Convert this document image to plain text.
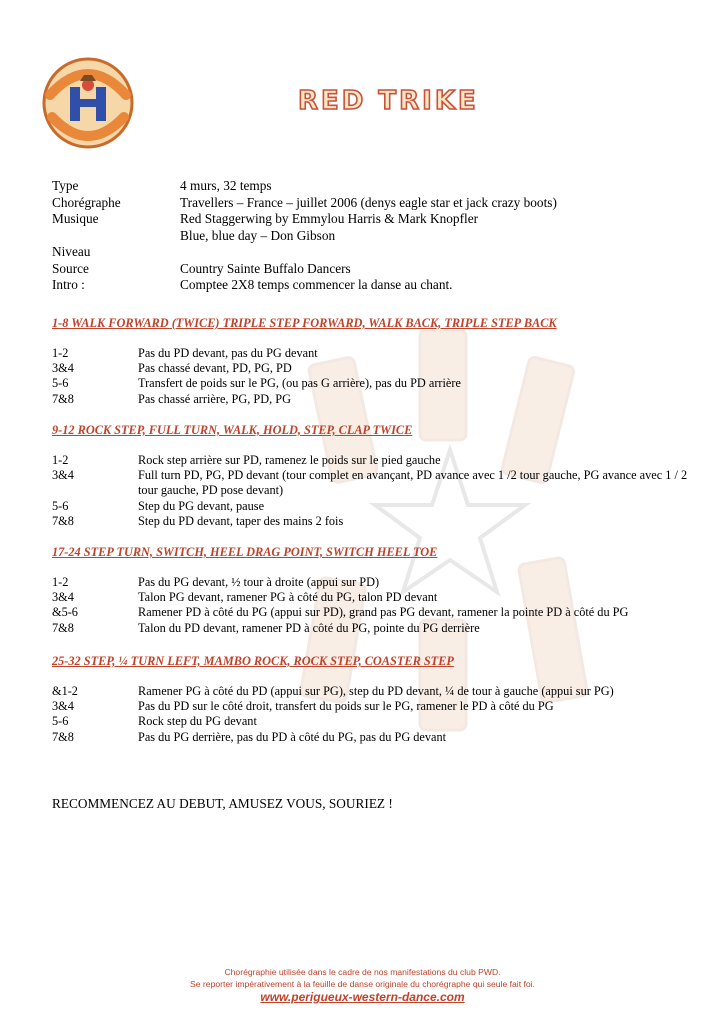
RED TRIKE
Type	4 murs, 32 temps
Chorégraphe	Travellers – France – juillet 2006 (denys eagle star et jack crazy boots)
Musique	Red Staggerwing by Emmylou Harris & Mark Knopfler
Blue, blue day – Don Gibson
Niveau
Source	Country Sainte Buffalo Dancers
Intro :	Comptee 2X8 temps commencer la danse au chant.
1-8 WALK FORWARD (TWICE) TRIPLE STEP FORWARD, WALK BACK, TRIPLE STEP BACK
1-2	Pas du PD devant, pas du PG devant
3&4	Pas chassé devant, PD, PG, PD
5-6	Transfert de poids sur le PG, (ou pas G arrière), pas du PD arrière
7&8	Pas chassé arrière, PG, PD, PG
9-12 ROCK STEP, FULL TURN, WALK, HOLD, STEP, CLAP TWICE
1-2	Rock step arrière sur PD, ramenez le poids sur le pied gauche
3&4	Full turn PD, PG, PD devant (tour complet en avançant, PD avance avec 1 /2 tour gauche, PG avance avec 1 / 2 tour gauche, PD pose devant)
5-6	Step du PG devant, pause
7&8	Step du PD devant, taper des mains 2 fois
17-24 STEP TURN, SWITCH, HEEL DRAG POINT, SWITCH HEEL TOE
1-2	Pas du PG devant, ½ tour à droite (appui sur PD)
3&4	Talon PG devant, ramener PG à côté du PG, talon PD devant
&5-6	Ramener PD à côté du PG (appui sur PD), grand pas PG devant, ramener la pointe PD à côté du PG
7&8	Talon du PD devant, ramener PD à côté du PG, pointe du PG derrière
25-32 STEP, ¼ TURN LEFT, MAMBO ROCK, ROCK STEP, COASTER STEP
&1-2	Ramener PG à côté du PD (appui sur PG), step du PD devant, ¼ de tour à gauche (appui sur PG)
3&4	Pas du PD sur le côté droit, transfert du poids sur le PG, ramener le PD à côté du PG
5-6	Rock step du PG devant
7&8	Pas du PG derrière, pas du PD à côté du PG, pas du PG devant
RECOMMENCEZ AU DEBUT, AMUSEZ VOUS, SOURIEZ !
Chorégraphie utilisée dans le cadre de nos manifestations du club PWD.
Se reporter impérativement à la feuille de danse originale du chorégraphe qui seule fait foi.
www.perigueux-western-dance.com
